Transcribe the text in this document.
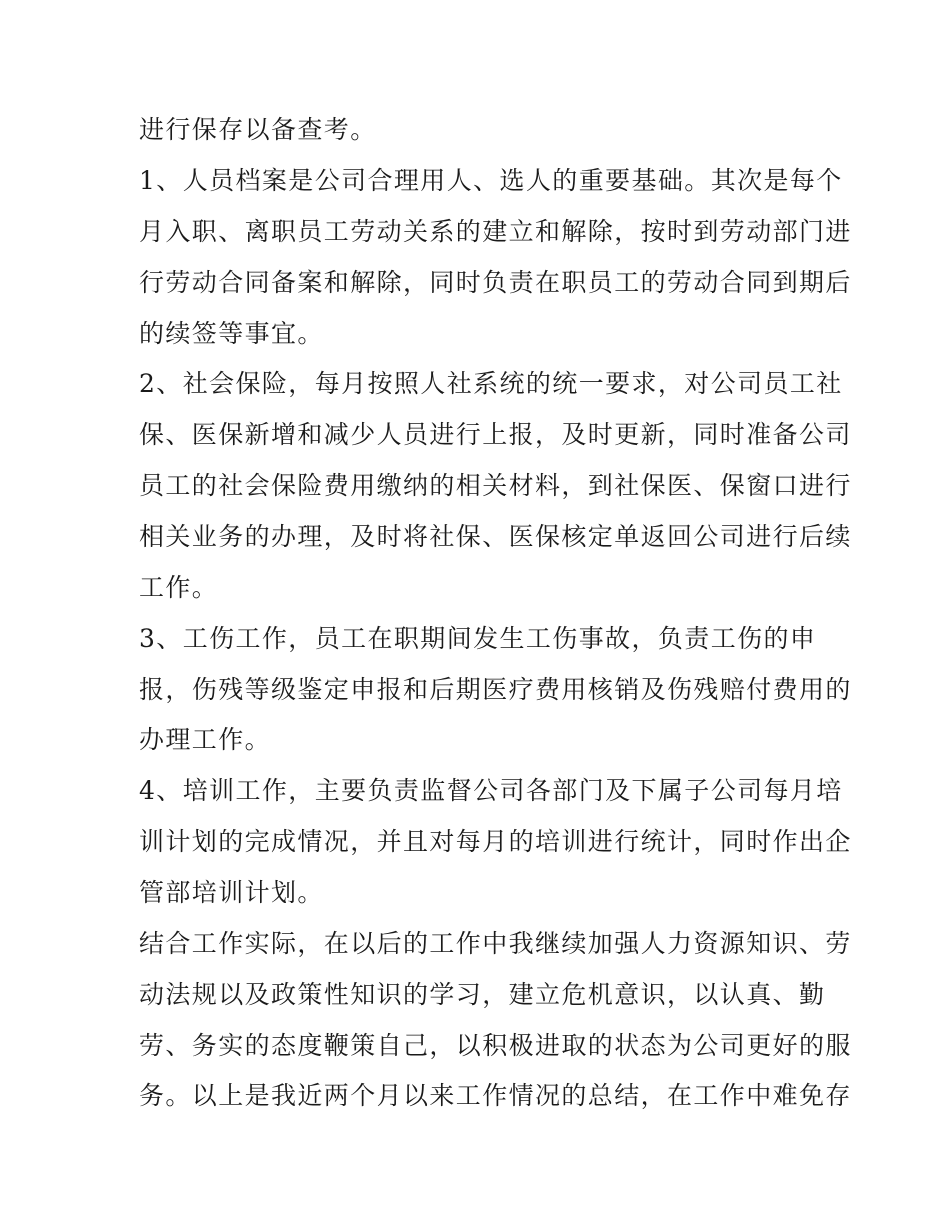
进行保存以备查考。
1、人员档案是公司合理用人、选人的重要基础。其次是每个
月入职、离职员工劳动关系的建立和解除，按时到劳动部门进
行劳动合同备案和解除，同时负责在职员工的劳动合同到期后
的续签等事宜。
2、社会保险，每月按照人社系统的统一要求，对公司员工社
保、医保新增和减少人员进行上报，及时更新，同时准备公司
员工的社会保险费用缴纳的相关材料，到社保医、保窗口进行
相关业务的办理，及时将社保、医保核定单返回公司进行后续
工作。
3、工伤工作，员工在职期间发生工伤事故，负责工伤的申
报，伤残等级鉴定申报和后期医疗费用核销及伤残赔付费用的
办理工作。
4、培训工作，主要负责监督公司各部门及下属子公司每月培
训计划的完成情况，并且对每月的培训进行统计，同时作出企
管部培训计划。
结合工作实际，在以后的工作中我继续加强人力资源知识、劳
动法规以及政策性知识的学习，建立危机意识，以认真、勤
劳、务实的态度鞭策自己，以积极进取的状态为公司更好的服
务。以上是我近两个月以来工作情况的总结，在工作中难免存
